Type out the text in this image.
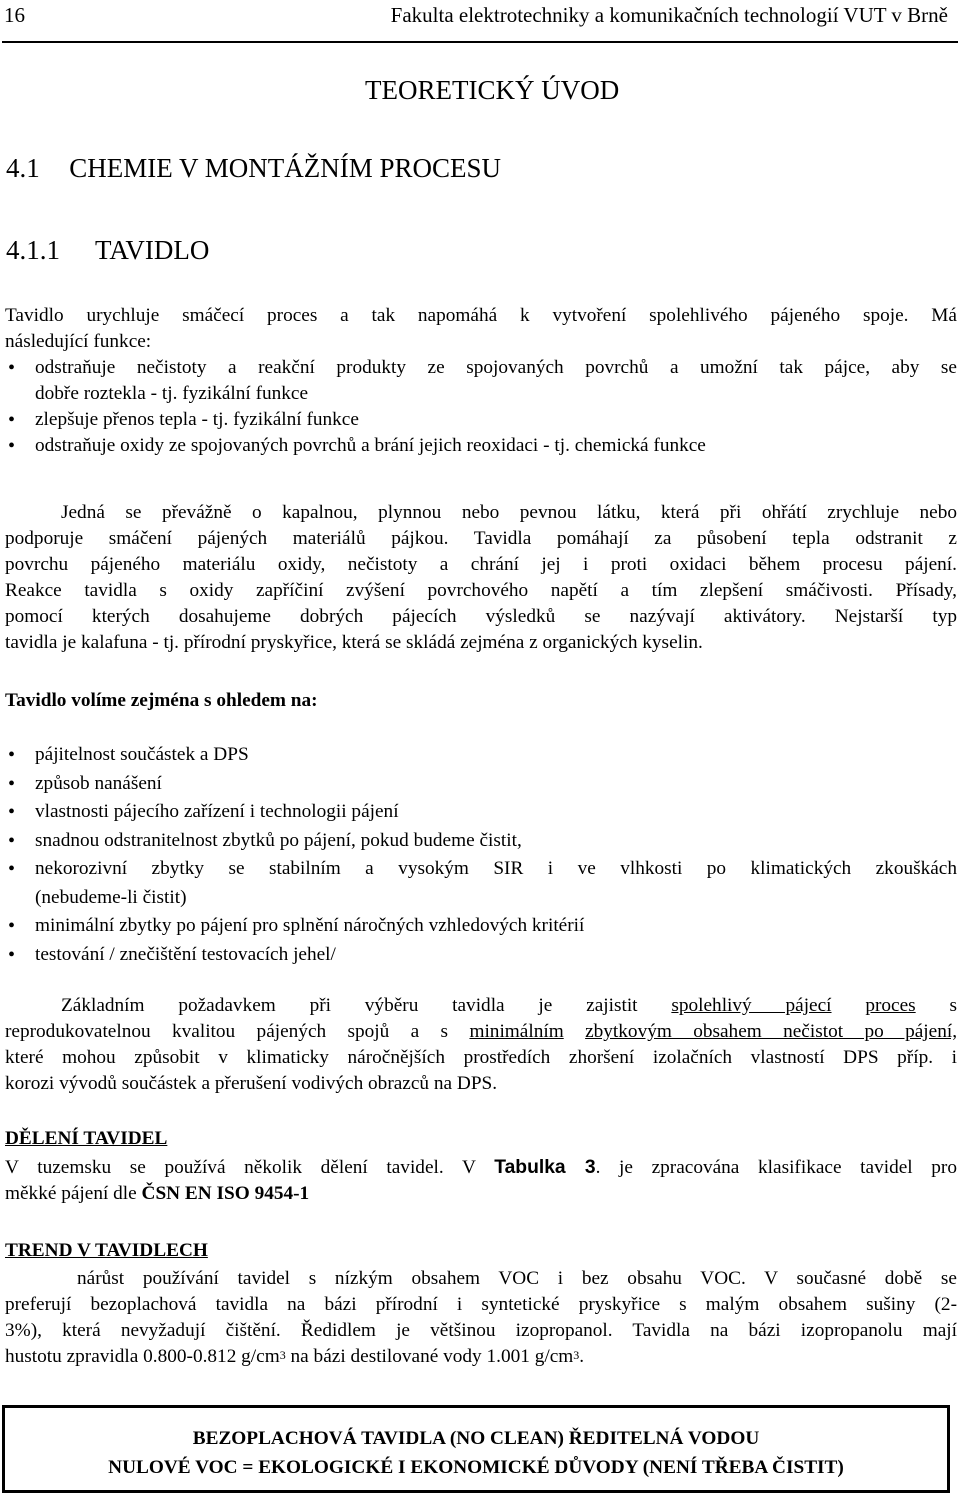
16	Fakulta elektrotechniky a komunikačních technologií VUT v Brně
TEORETICKÝ ÚVOD
4.1 CHEMIE V MONTÁŽNÍM PROCESU
4.1.1 TAVIDLO
Tavidlo urychluje smáčecí proces a tak napomáhá k vytvoření spolehlivého pájeného spoje. Má
následující funkce:
• odstraňuje nečistoty a reakční produkty ze spojovaných povrchů a umožní tak pájce, aby se
dobře roztekla - tj. fyzikální funkce
• zlepšuje přenos tepla - tj. fyzikální funkce
• odstraňuje oxidy ze spojovaných povrchů a brání jejich reoxidaci - tj. chemická funkce
Jedná se převážně o kapalnou, plynnou nebo pevnou látku, která při ohřátí zrychluje nebo
podporuje smáčení pájených materiálů pájkou. Tavidla pomáhají za působení tepla odstranit z
povrchu pájeného materiálu oxidy, nečistoty a chrání jej i proti oxidaci během procesu pájení.
Reakce tavidla s oxidy zapříčiní zvýšení povrchového napětí a tím zlepšení smáčivosti. Přísady,
pomocí kterých dosahujeme dobrých pájecích výsledků se nazývají aktivátory. Nejstarší typ
tavidla je kalafuna - tj. přírodní pryskyřice, která se skládá zejména z organických kyselin.
Tavidlo volíme zejména s ohledem na:
• pájitelnost součástek a DPS
• způsob nanášení
• vlastnosti pájecího zařízení i technologii pájení
• snadnou odstranitelnost zbytků po pájení, pokud budeme čistit,
• nekorozivní zbytky se stabilním a vysokým SIR i ve vlhkosti po klimatických zkouškách
(nebudeme-li čistit)
• minimální zbytky po pájení pro splnění náročných vzhledových kritérií
• testování / znečištění testovacích jehel/
Základním požadavkem při výběru tavidla je zajistit spolehlivý pájecí proces s
reprodukovatelnou kvalitou pájených spojů a s minimálním zbytkovým obsahem nečistot po pájení,
které mohou způsobit v klimaticky náročnějších prostředích zhoršení izolačních vlastností DPS příp. i
korozi vývodů součástek a přerušení vodivých obrazců na DPS.
DĚLENÍ TAVIDEL
V tuzemsku se používá několik dělení tavidel. V Tabulka 3. je zpracována klasifikace tavidel pro
měkké pájení dle ČSN EN ISO 9454-1
TREND V TAVIDLECH
nárůst používání tavidel s nízkým obsahem VOC i bez obsahu VOC. V současné době se
preferují bezoplachová tavidla na bázi přírodní i syntetické pryskyřice s malým obsahem sušiny (2-
3%), která nevyžadují čištění. Ředidlem je většinou izopropanol. Tavidla na bázi izopropanolu mají
hustotu zpravidla 0.800-0.812 $g/cm^3$ na bázi destilované vody 1.001 $g/cm^3$.
BEZOPLACHOVÁ TAVIDLA (NO CLEAN) ŘEDITELNÁ VODOU
NULOVÉ VOC = EKOLOGICKÉ I EKONOMICKÉ DŮVODY (NENÍ TŘEBA ČISTIT)
